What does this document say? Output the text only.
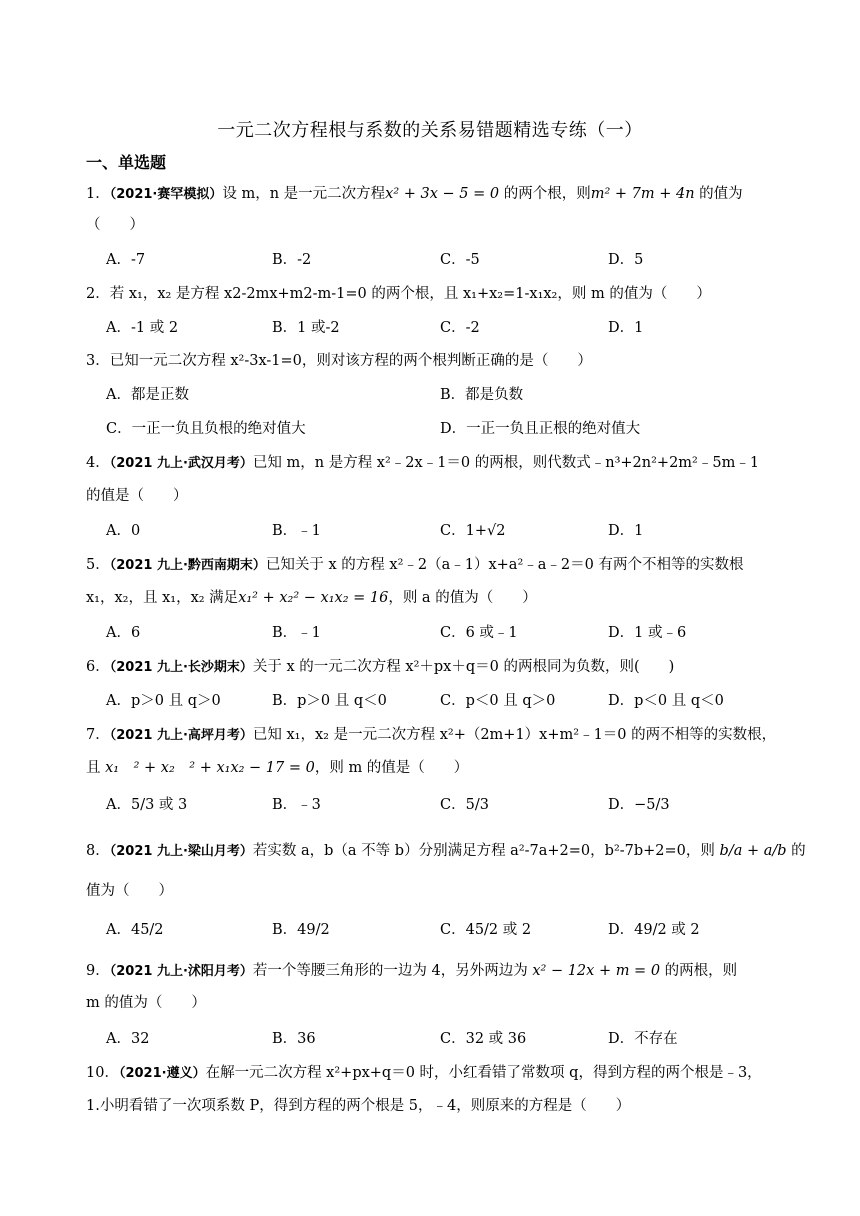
一元二次方程根与系数的关系易错题精选专练（一）
一、单选题
1．（2021·赛罕模拟）设 m，n 是一元二次方程x² + 3x − 5 = 0 的两个根，则m² + 7m + 4n 的值为
（　　）
A．-7	B．-2	C．-5	D．5
2．若 x₁，x₂ 是方程 x2-2mx+m2-m-1=0 的两个根，且 x₁+x₂=1-x₁x₂，则 m 的值为（　　）
A．-1 或 2	B．1 或-2	C．-2	D．1
3．已知一元二次方程 x²-3x-1=0，则对该方程的两个根判断正确的是（　　）
A．都是正数	B．都是负数
C．一正一负且负根的绝对值大	D．一正一负且正根的绝对值大
4．（2021 九上·武汉月考）已知 m，n 是方程 x²﹣2x﹣1＝0 的两根，则代数式﹣n³+2n²+2m²﹣5m﹣1
的值是（　　）
A．0	B．﹣1	C．1+√2	D．1
5．（2021 九上·黔西南期末）已知关于 x 的方程 x²﹣2（a﹣1）x+a²﹣a﹣2＝0 有两个不相等的实数根
x₁，x₂，且 x₁，x₂ 满足x₁² + x₂² − x₁x₂ = 16，则 a 的值为（　　）
A．6	B．﹣1	C．6 或﹣1	D．1 或﹣6
6．（2021 九上·长沙期末）关于 x 的一元二次方程 x²＋px＋q＝0 的两根同为负数，则(　　)
A．p＞0 且 q＞0	B．p＞0 且 q＜0	C．p＜0 且 q＞0	D．p＜0 且 q＜0
7．（2021 九上·高坪月考）已知 x₁，x₂ 是一元二次方程 x²+（2m+1）x+m²﹣1＝0 的两不相等的实数根，
且 x₁　² + x₂　² + x₁x₂ − 17 = 0，则 m 的值是（　　）
A．5/3 或 3	B．﹣3	C．5/3	D．−5/3
8．（2021 九上·梁山月考）若实数 a，b（a 不等 b）分别满足方程 a²-7a+2=0，b²-7b+2=0，则 b/a + a/b 的
值为（　　）
A．45/2	B．49/2	C．45/2 或 2	D．49/2 或 2
9．（2021 九上·沭阳月考）若一个等腰三角形的一边为 4，另外两边为 x² − 12x + m = 0 的两根，则
m 的值为（　　）
A．32	B．36	C．32 或 36	D．不存在
10．（2021·遵义）在解一元二次方程 x²+px+q＝0 时，小红看错了常数项 q，得到方程的两个根是﹣3，
1.小明看错了一次项系数 P，得到方程的两个根是 5，﹣4，则原来的方程是（　　）
